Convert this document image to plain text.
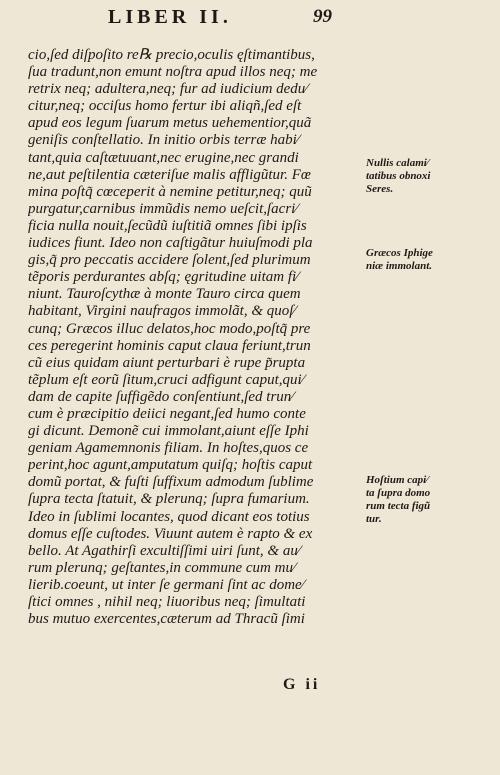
LIBER II.	99
cio,ſed diſpoſito re℞ precio,oculis ęſtimantibus,
ſua tradunt,non emunt noſtra apud illos neq; me
retrix neq; adultera,neq; fur ad iudicium dedu⁄
citur,neq; occiſus homo fertur ibi aliqñ,ſed eſt
apud eos legum ſuarum metus uehementior,quã
geniſis conſtellatio. In initio orbis terræ habi⁄
tant,quia caſtætuuant,nec erugine,nec grandi
ne,aut peſtilentia cæteriſue malis affligũtur. Fœ
mina poſtq̃ cœceperit à nemine petitur,neq; quũ
purgatur,carnibus immũdis nemo ueſcit,ſacri⁄
ficia nulla nouit,ſecũdũ iuſtitiã omnes ſibi ipſis
iudices fiunt. Ideo non caſtigãtur huiuſmodi pla
gis,q̃ pro peccatis accidere ſolent,ſed plurimum
tẽporis perdurantes abſq; ęgritudine uitam fi⁄
niunt. Tauroſcythæ à monte Tauro circa quem
habitant, Virgini naufragos immolãt, & quoſ⁄
cunq; Græcos illuc delatos,hoc modo,poſtq̃ pre
ces peregerint hominis caput claua feriunt,trun
cũ eius quidam aiunt perturbari è rupe p̃rupta
tẽplum eſt eorũ ſitum,cruci adfigunt caput,qui⁄
dam de capite ſuffigẽdo conſentiunt,ſed trun⁄
cum è præcipitio deiici negant,ſed humo conte
gi dicunt. Demonẽ cui immolant,aiunt eſſe Iphi
geniam Agamemnonis filiam. In hoſtes,quos ce
perint,hoc agunt,amputatum quiſq; hoſtis caput
domũ portat, & fuſti ſuffixum admodum ſublime
ſupra tecta ſtatuit, & plerunq; ſupra fumarium.
Ideo in ſublimi locantes, quod dicant eos totius
domus eſſe cuſtodes. Viuunt autem è rapto & ex
bello. At Agathirſi excultiſſimi uiri ſunt, & au⁄
rum plerunq; geſtantes,in commune cum mu⁄
lierib.coeunt, ut inter ſe germani ſint ac dome⁄
ſtici omnes , nihil neq; liuoribus neq; ſimultati
bus mutuo exercentes,cæterum ad Thracũ ſimi
Nullis calami⁄
tatibus obnoxi
Seres.
Græcos Iphige
niæ immolant.
Hoſtium capi⁄
ta ſupra domo
rum tecta figũ
tur.
G ii
